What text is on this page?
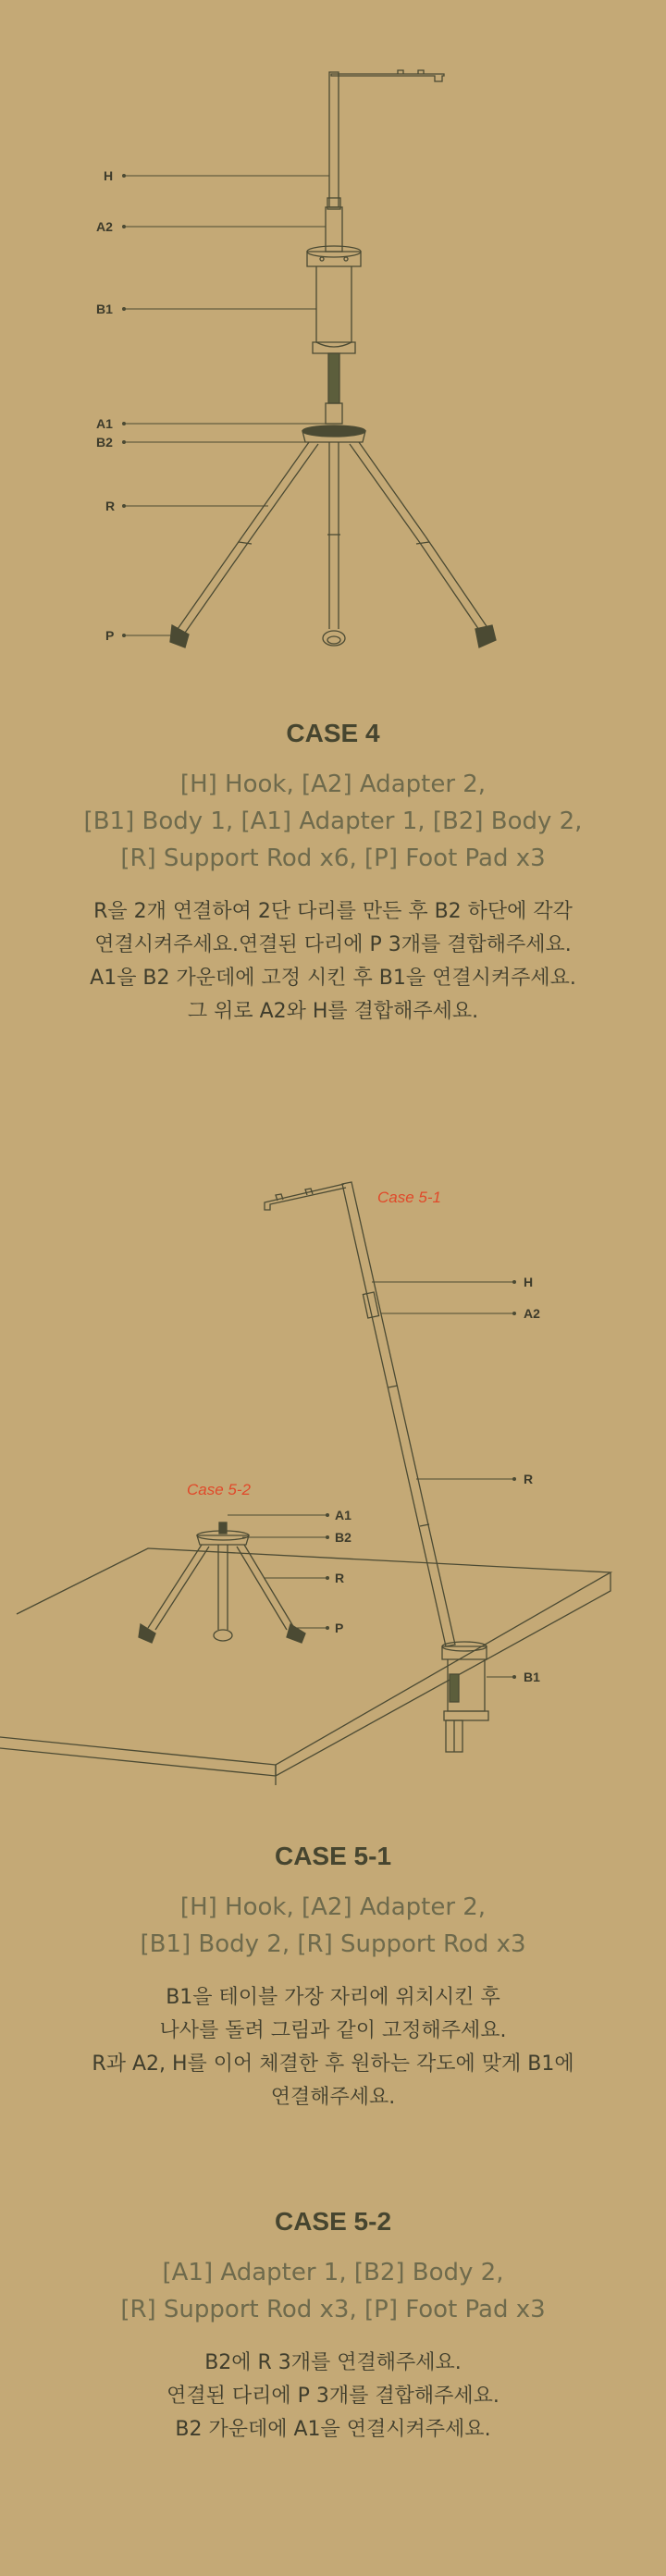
H
A2
B1
A1
B2
R
P
CASE 4
[H] Hook, [A2] Adapter 2,
[B1] Body 1, [A1] Adapter 1, [B2] Body 2,
[R] Support Rod x6, [P] Foot Pad x3
R을 2개 연결하여 2단 다리를 만든 후 B2 하단에 각각
연결시켜주세요.연결된 다리에 P 3개를 결합해주세요.
A1을 B2 가운데에 고정 시킨 후 B1을 연결시켜주세요.
그 위로 A2와 H를 결합해주세요.
Case 5-1
Case 5-2
H
A2
R
B1
A1
B2
R
P
CASE 5-1
[H] Hook, [A2] Adapter 2,
[B1] Body 2, [R] Support Rod x3
B1을 테이블 가장 자리에 위치시킨 후
나사를 돌려 그림과 같이 고정해주세요.
R과 A2, H를 이어 체결한 후 원하는 각도에 맞게 B1에
연결해주세요.
CASE 5-2
[A1] Adapter 1, [B2] Body 2,
[R] Support Rod x3, [P] Foot Pad x3
B2에 R 3개를 연결해주세요.
연결된 다리에 P 3개를 결합해주세요.
B2 가운데에 A1을 연결시켜주세요.
